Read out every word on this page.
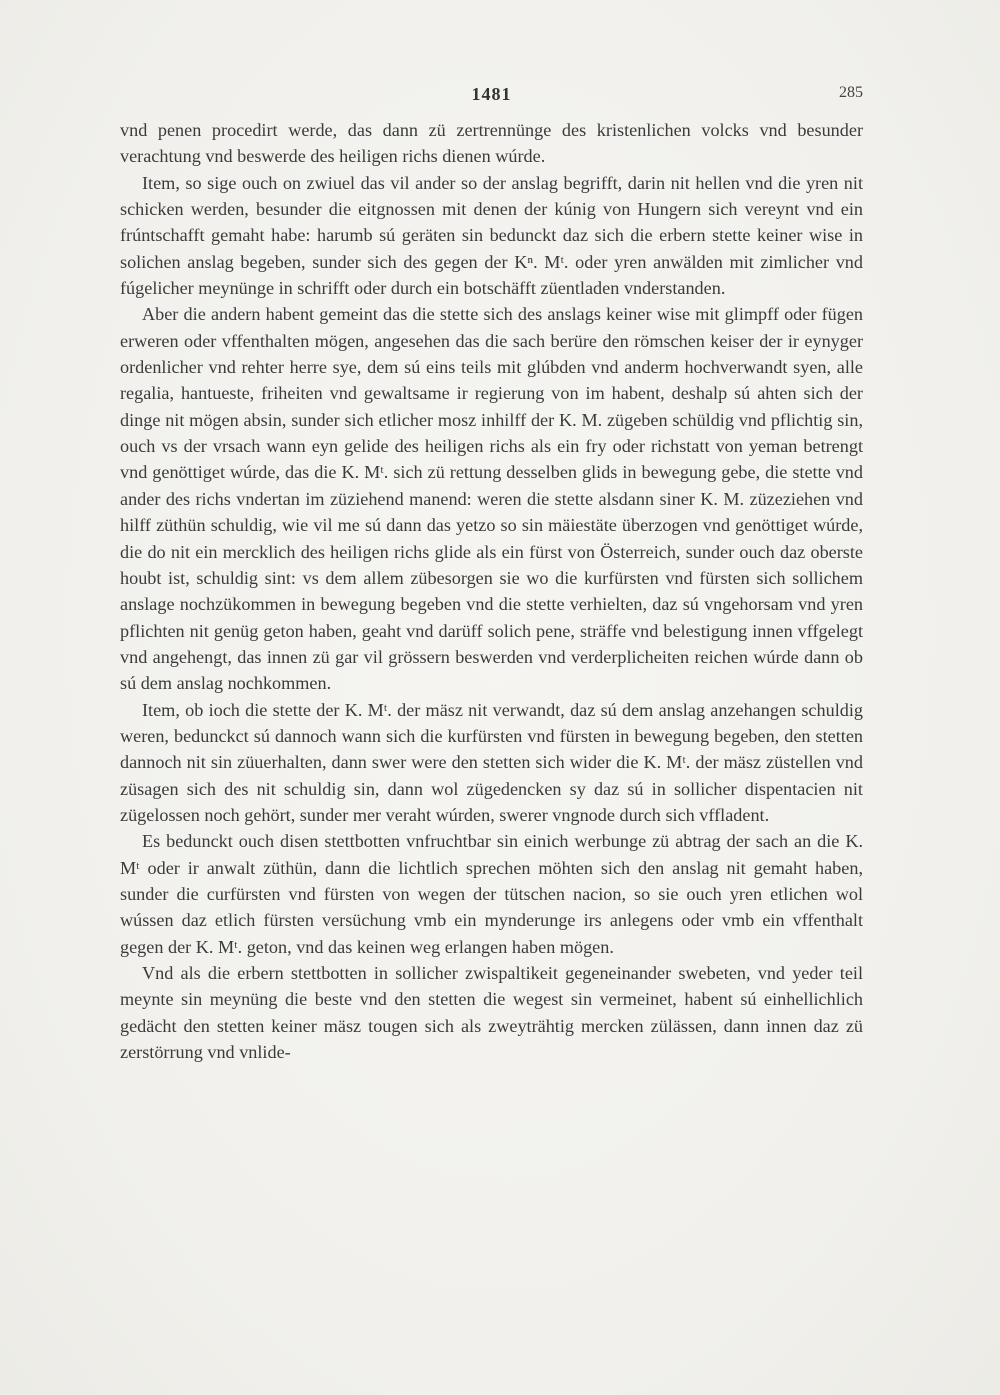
1481	285

vnd penen procedirt werde, das dann zü zertrennünge des kristenlichen volcks vnd besunder verachtung vnd beswerde des heiligen richs dienen wúrde.

Item, so sige ouch on zwiuel das vil ander so der anslag begrifft, darin nit hellen vnd die yren nit schicken werden, besunder die eitgnossen mit denen der kúnig von Hungern sich vereynt vnd ein frúntschafft gemaht habe: harumb sú geräten sin bedunckt daz sich die erbern stette keiner wise in solichen anslag begeben, sunder sich des gegen der Kⁿ. Mᵗ. oder yren anwälden mit zimlicher vnd fúgelicher meynünge in schrifft oder durch ein botschäfft züentladen vnderstanden.

Aber die andern habent gemeint das die stette sich des anslags keiner wise mit glimpff oder fügen erweren oder vffenthalten mögen, angesehen das die sach berüre den römschen keiser der ir eynyger ordenlicher vnd rehter herre sye, dem sú eins teils mit glúbden vnd anderm hochverwandt syen, alle regalia, hantueste, friheiten vnd gewaltsame ir regierung von im habent, deshalp sú ahten sich der dinge nit mögen absin, sunder sich etlicher mosz inhilff der K. M. zügeben schüldig vnd pflichtig sin, ouch vs der vrsach wann eyn gelide des heiligen richs als ein fry oder richstatt von yeman betrengt vnd genöttiget wúrde, das die K. Mᵗ. sich zü rettung desselben glids in bewegung gebe, die stette vnd ander des richs vndertan im züziehend manend: weren die stette alsdann siner K. M. züzeziehen vnd hilff züthün schuldig, wie vil me sú dann das yetzo so sin mäiestäte überzogen vnd genöttiget wúrde, die do nit ein mercklich des heiligen richs glide als ein fürst von Österreich, sunder ouch daz oberste houbt ist, schuldig sint: vs dem allem zübesorgen sie wo die kurfürsten vnd fürsten sich sollichem anslage nochzükommen in bewegung begeben vnd die stette verhielten, daz sú vngehorsam vnd yren pflichten nit genüg geton haben, geaht vnd darüff solich pene, sträffe vnd belestigung innen vffgelegt vnd angehengt, das innen zü gar vil grössern beswerden vnd verderplicheiten reichen wúrde dann ob sú dem anslag nochkommen.

Item, ob ioch die stette der K. Mᵗ. der mäsz nit verwandt, daz sú dem anslag anzehangen schuldig weren, bedunckct sú dannoch wann sich die kurfürsten vnd fürsten in bewegung begeben, den stetten dannoch nit sin züuerhalten, dann swer were den stetten sich wider die K. Mᵗ. der mäsz züstellen vnd züsagen sich des nit schuldig sin, dann wol zügedencken sy daz sú in sollicher dispentacien nit zügelossen noch gehört, sunder mer veraht wúrden, swerer vngnode durch sich vffladent.

Es bedunckt ouch disen stettbotten vnfruchtbar sin einich werbunge zü abtrag der sach an die K. Mᵗ oder ir anwalt züthün, dann die lichtlich sprechen möhten sich den anslag nit gemaht haben, sunder die curfürsten vnd fürsten von wegen der tütschen nacion, so sie ouch yren etlichen wol wússen daz etlich fürsten versüchung vmb ein mynderunge irs anlegens oder vmb ein vffenthalt gegen der K. Mᵗ. geton, vnd das keinen weg erlangen haben mögen.

Vnd als die erbern stettbotten in sollicher zwispaltikeit gegeneinander swebeten, vnd yeder teil meynte sin meynüng die beste vnd den stetten die wegest sin vermeinet, habent sú einhellichlich gedächt den stetten keiner mäsz tougen sich als zweyträhtig mercken zülässen, dann innen daz zü zerstörrung vnd vnlide-
